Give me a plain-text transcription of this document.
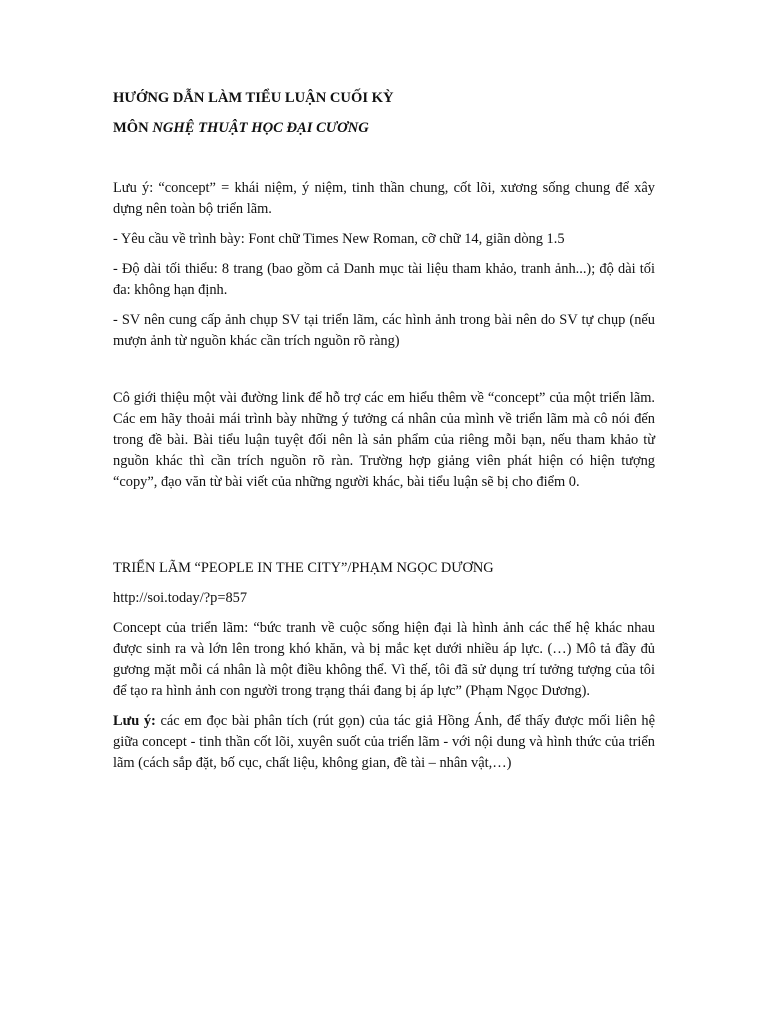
HƯỚNG DẪN LÀM TIỂU LUẬN CUỐI KỲ
MÔN NGHỆ THUẬT HỌC ĐẠI CƯƠNG

Lưu ý: “concept” = khái niệm, ý niệm, tinh thần chung, cốt lõi, xương sống chung để xây dựng nên toàn bộ triển lãm.

- Yêu cầu về trình bày: Font chữ Times New Roman, cỡ chữ 14, giãn dòng 1.5

- Độ dài tối thiểu: 8 trang (bao gồm cả Danh mục tài liệu tham khảo, tranh ảnh...); độ dài tối đa: không hạn định.

- SV nên cung cấp ảnh chụp SV tại triển lãm, các hình ảnh trong bài nên do SV tự chụp (nếu mượn ảnh từ nguồn khác cần trích nguồn rõ ràng)

Cô giới thiệu một vài đường link để hỗ trợ các em hiểu thêm về “concept” của một triển lãm. Các em hãy thoải mái trình bày những ý tưởng cá nhân của mình về triển lãm mà cô nói đến trong đề bài. Bài tiểu luận tuyệt đối nên là sản phẩm của riêng mỗi bạn, nếu tham khảo từ nguồn khác thì cần trích nguồn rõ ràn. Trường hợp giảng viên phát hiện có hiện tượng “copy”, đạo văn từ bài viết của những người khác, bài tiểu luận sẽ bị cho điểm 0.

TRIỂN LÃM “PEOPLE IN THE CITY”/PHẠM NGỌC DƯƠNG

http://soi.today/?p=857

Concept của triển lãm: “bức tranh về cuộc sống hiện đại là hình ảnh các thế hệ khác nhau được sinh ra và lớn lên trong khó khăn, và bị mắc kẹt dưới nhiều áp lực. (…) Mô tả đầy đủ gương mặt mỗi cá nhân là một điều không thể. Vì thế, tôi đã sử dụng trí tưởng tượng của tôi để tạo ra hình ảnh con người trong trạng thái đang bị áp lực” (Phạm Ngọc Dương).

Lưu ý: các em đọc bài phân tích (rút gọn) của tác giả Hồng Ánh, để thấy được mối liên hệ giữa concept - tinh thần cốt lõi, xuyên suốt của triển lãm - với nội dung và hình thức của triển lãm (cách sắp đặt, bố cục, chất liệu, không gian, đề tài – nhân vật,…)
